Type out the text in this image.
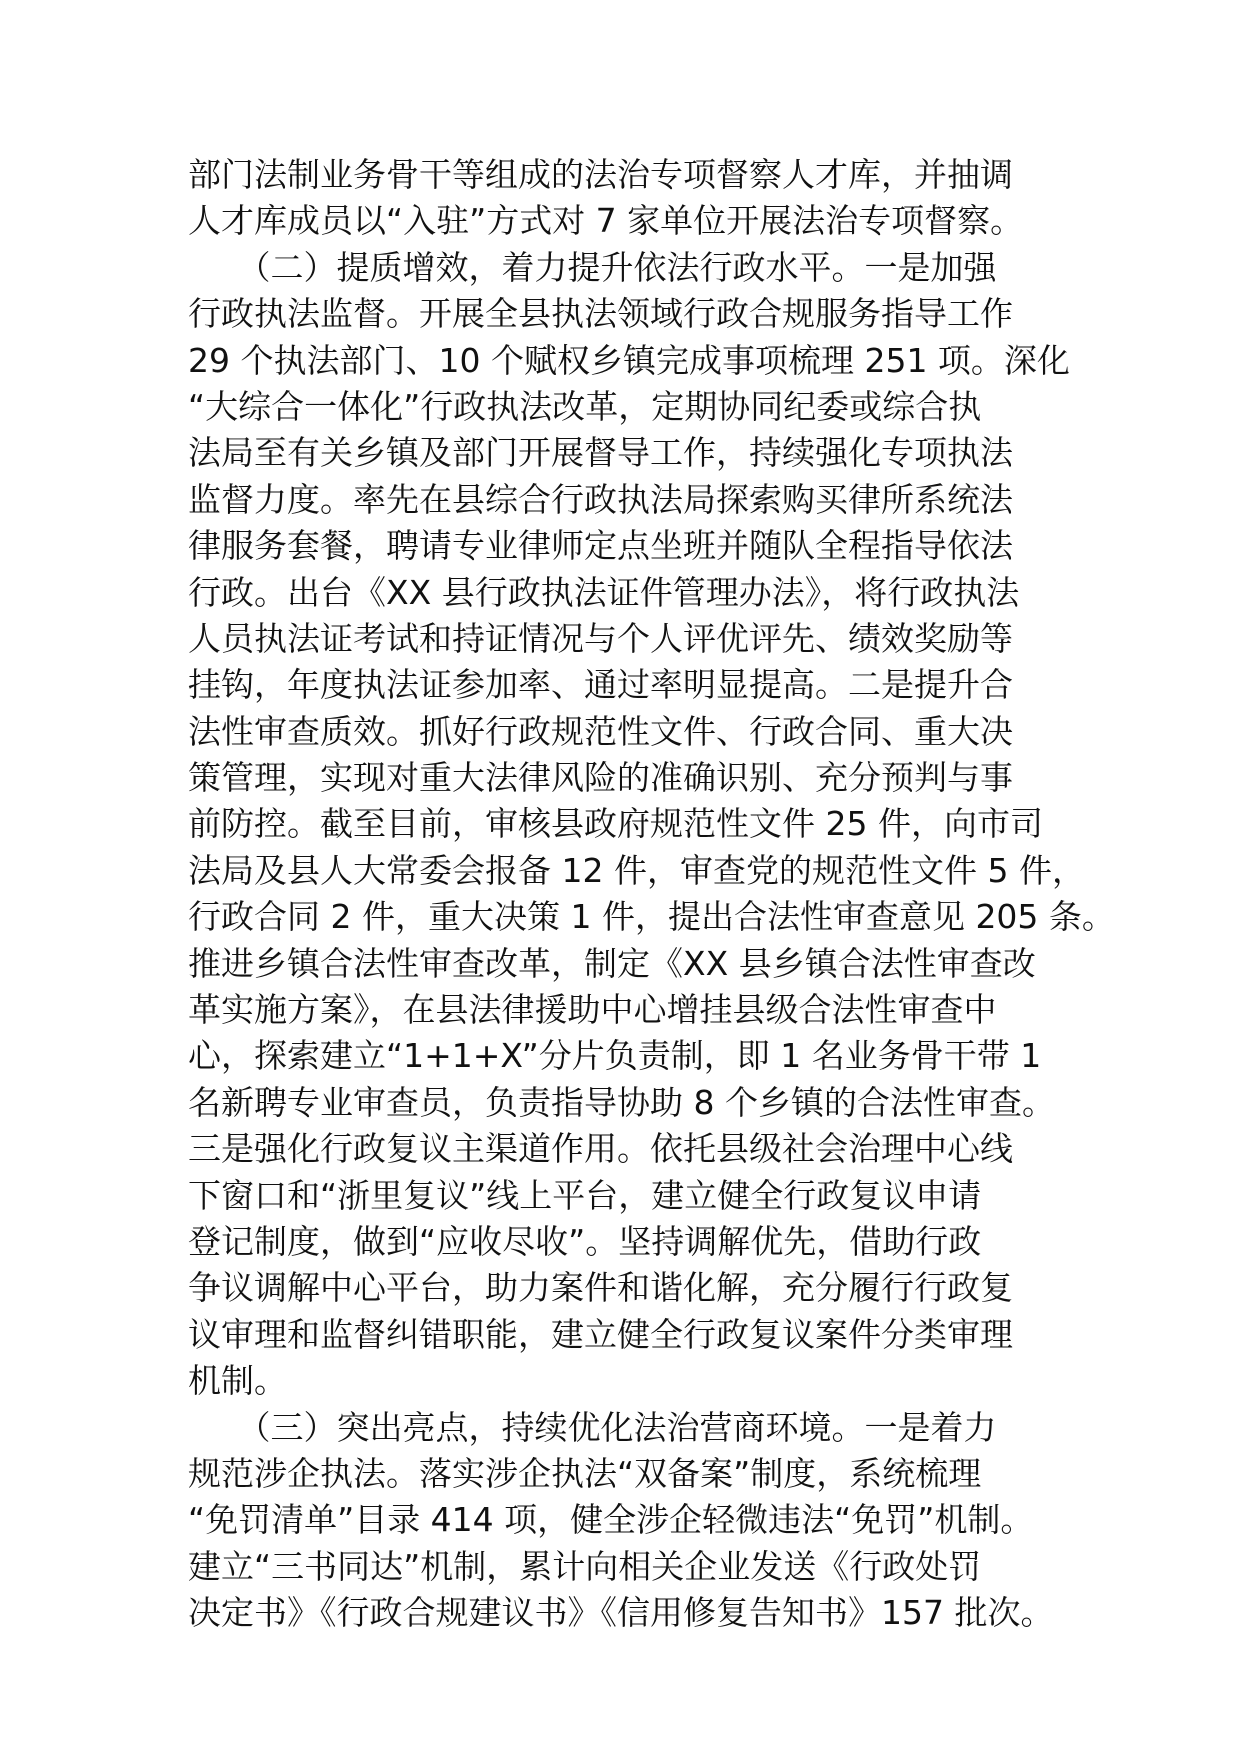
部门法制业务骨干等组成的法治专项督察人才库，并抽调
人才库成员以“入驻”方式对 7 家单位开展法治专项督察。
　　（二）提质增效，着力提升依法行政水平。一是加强
行政执法监督。开展全县执法领域行政合规服务指导工作
29 个执法部门、10 个赋权乡镇完成事项梳理 251 项。深化
“大综合一体化”行政执法改革，定期协同纪委或综合执
法局至有关乡镇及部门开展督导工作，持续强化专项执法
监督力度。率先在县综合行政执法局探索购买律所系统法
律服务套餐，聘请专业律师定点坐班并随队全程指导依法
行政。出台《XX 县行政执法证件管理办法》，将行政执法
人员执法证考试和持证情况与个人评优评先、绩效奖励等
挂钩，年度执法证参加率、通过率明显提高。二是提升合
法性审查质效。抓好行政规范性文件、行政合同、重大决
策管理，实现对重大法律风险的准确识别、充分预判与事
前防控。截至目前，审核县政府规范性文件 25 件，向市司
法局及县人大常委会报备 12 件，审查党的规范性文件 5 件，
行政合同 2 件，重大决策 1 件，提出合法性审查意见 205 条。
推进乡镇合法性审查改革，制定《XX 县乡镇合法性审查改
革实施方案》，在县法律援助中心增挂县级合法性审查中
心，探索建立“1+1+X”分片负责制，即 1 名业务骨干带 1
名新聘专业审查员，负责指导协助 8 个乡镇的合法性审查。
三是强化行政复议主渠道作用。依托县级社会治理中心线
下窗口和“浙里复议”线上平台，建立健全行政复议申请
登记制度，做到“应收尽收”。坚持调解优先，借助行政
争议调解中心平台，助力案件和谐化解，充分履行行政复
议审理和监督纠错职能，建立健全行政复议案件分类审理
机制。
　　（三）突出亮点，持续优化法治营商环境。一是着力
规范涉企执法。落实涉企执法“双备案”制度，系统梳理
“免罚清单”目录 414 项，健全涉企轻微违法“免罚”机制。
建立“三书同达”机制，累计向相关企业发送《行政处罚
决定书》《行政合规建议书》《信用修复告知书》157 批次。
